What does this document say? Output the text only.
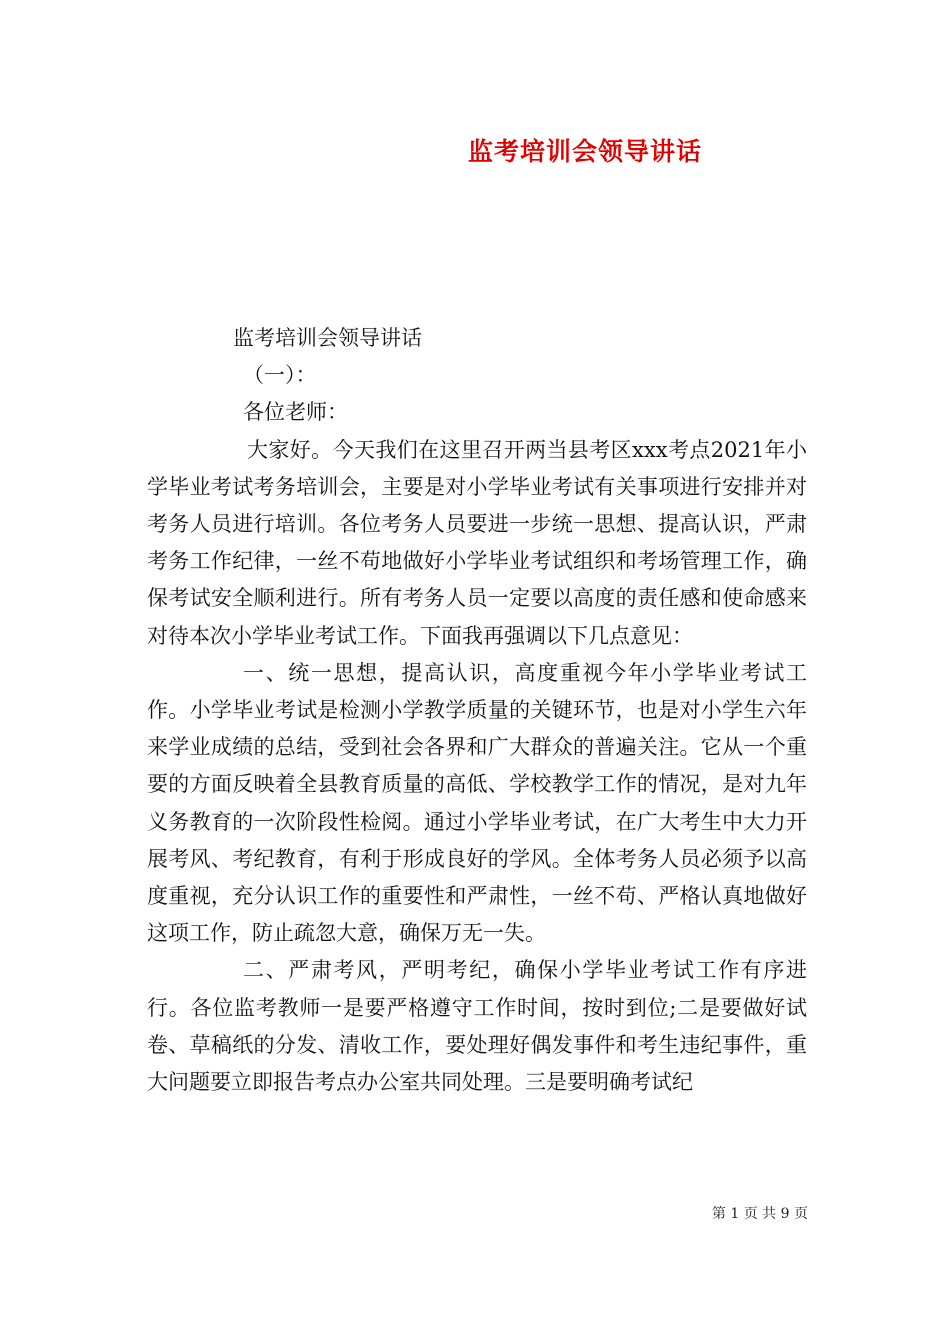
监考培训会领导讲话
监考培训会领导讲话
（一）：
各位老师：

大家好。今天我们在这里召开两当县考区xxx考点2021年小学毕业考试考务培训会，主要是对小学毕业考试有关事项进行安排并对考务人员进行培训。各位考务人员要进一步统一思想、提高认识，严肃考务工作纪律，一丝不苟地做好小学毕业考试组织和考场管理工作，确保考试安全顺利进行。所有考务人员一定要以高度的责任感和使命感来对待本次小学毕业考试工作。下面我再强调以下几点意见：

一、统一思想，提高认识，高度重视今年小学毕业考试工作。小学毕业考试是检测小学教学质量的关键环节，也是对小学生六年来学业成绩的总结，受到社会各界和广大群众的普遍关注。它从一个重要的方面反映着全县教育质量的高低、学校教学工作的情况，是对九年义务教育的一次阶段性检阅。通过小学毕业考试，在广大考生中大力开展考风、考纪教育，有利于形成良好的学风。全体考务人员必须予以高度重视，充分认识工作的重要性和严肃性，一丝不苟、严格认真地做好这项工作，防止疏忽大意，确保万无一失。

二、严肃考风，严明考纪，确保小学毕业考试工作有序进行。各位监考教师一是要严格遵守工作时间，按时到位;二是要做好试卷、草稿纸的分发、清收工作，要处理好偶发事件和考生违纪事件，重大问题要立即报告考点办公室共同处理。三是要明确考试纪

第 1 页 共 9 页
